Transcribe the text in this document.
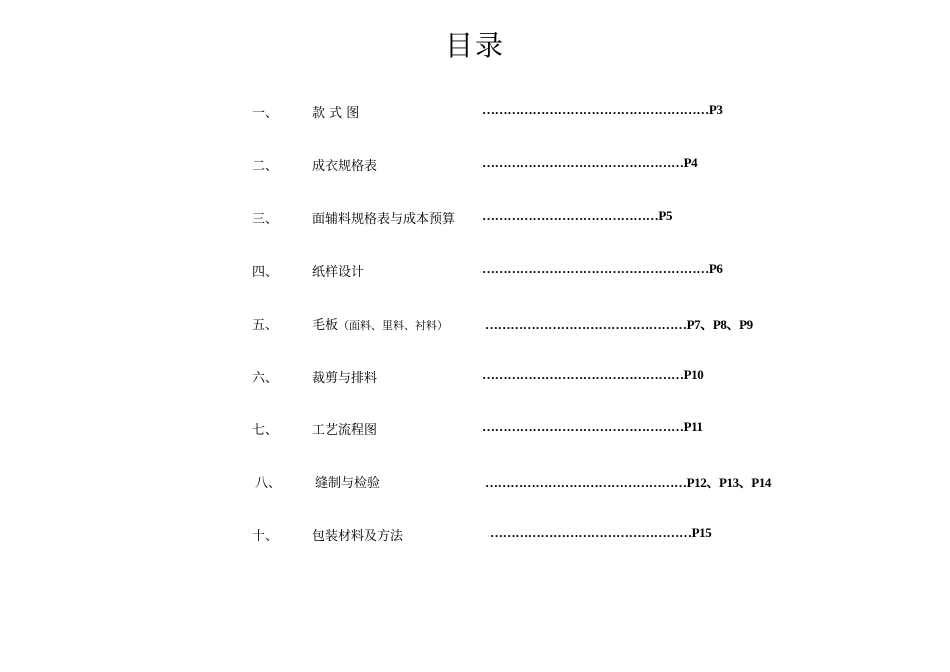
目录
一、	款 式 图	………………………………………………P3
二、	成衣规格表	…………………………………………P4
三、	面辅料规格表与成本预算 ……………………………………P5
四、	纸样设计	………………………………………………P6
五、	毛板（面料、里料、衬料）	…………………………………………P7、P8、P9
六、	裁剪与排料	…………………………………………P10
七、	工艺流程图	…………………………………………P11
八、	缝制与检验	…………………………………………P12、P13、P14
十、	包装材料及方法	…………………………………………P15
